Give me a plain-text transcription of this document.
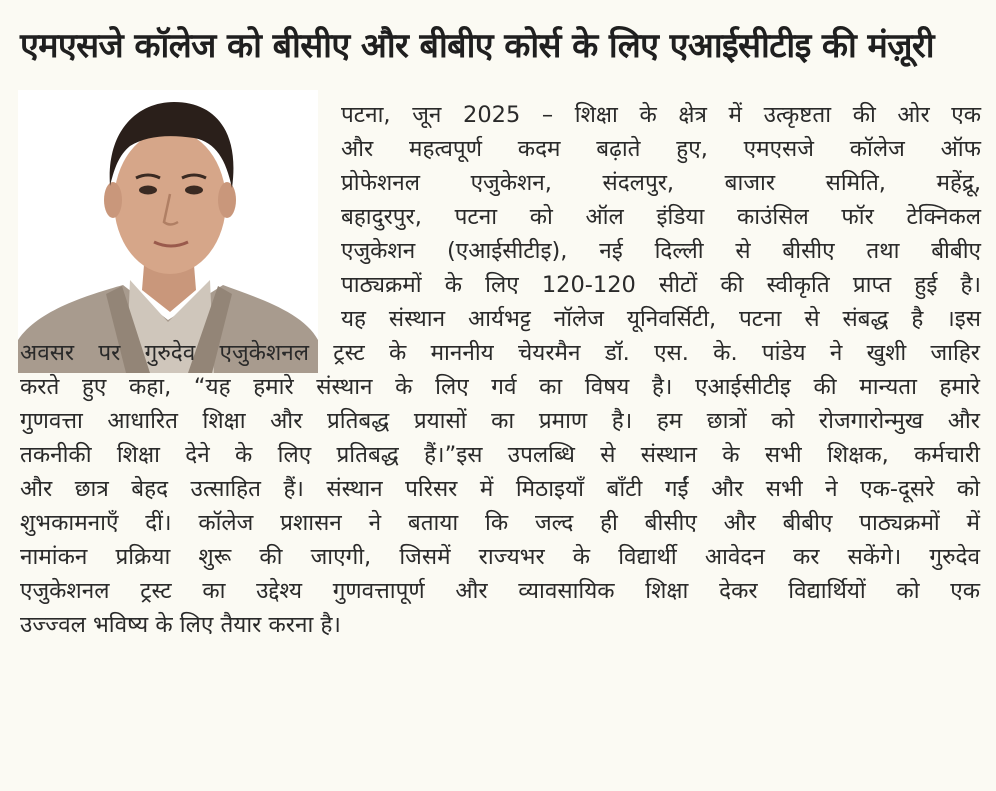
एमएसजे कॉलेज को बीसीए और बीबीए कोर्स के लिए एआईसीटीइ की मंज़ूरी

पटना, जून 2025 – शिक्षा के क्षेत्र में उत्कृष्टता की ओर एक

और महत्वपूर्ण कदम बढ़ाते हुए, एमएसजे कॉलेज ऑफ

प्रोफेशनल एजुकेशन, संदलपुर, बाजार समिति, महेंद्रू,

बहादुरपुर, पटना को ऑल इंडिया काउंसिल फॉर टेक्निकल

एजुकेशन (एआईसीटीइ), नई दिल्ली से बीसीए तथा बीबीए

पाठ्यक्रमों के लिए 120-120 सीटों की स्वीकृति प्राप्त हुई है।

यह संस्थान आर्यभट्ट नॉलेज यूनिवर्सिटी, पटना से संबद्ध है ।इस

अवसर पर गुरुदेव एजुकेशनल ट्रस्ट के माननीय चेयरमैन डॉ. एस. के. पांडेय ने खुशी जाहिर

करते हुए कहा, “यह हमारे संस्थान के लिए गर्व का विषय है। एआईसीटीइ की मान्यता हमारे

गुणवत्ता आधारित शिक्षा और प्रतिबद्ध प्रयासों का प्रमाण है। हम छात्रों को रोजगारोन्मुख और

तकनीकी शिक्षा देने के लिए प्रतिबद्ध हैं।”इस उपलब्धि से संस्थान के सभी शिक्षक, कर्मचारी

और छात्र बेहद उत्साहित हैं। संस्थान परिसर में मिठाइयाँ बाँटी गईं और सभी ने एक-दूसरे को

शुभकामनाएँ दीं। कॉलेज प्रशासन ने बताया कि जल्द ही बीसीए और बीबीए पाठ्यक्रमों में

नामांकन प्रक्रिया शुरू की जाएगी, जिसमें राज्यभर के विद्यार्थी आवेदन कर सकेंगे। गुरुदेव

एजुकेशनल ट्रस्ट का उद्देश्य गुणवत्तापूर्ण और व्यावसायिक शिक्षा देकर विद्यार्थियों को एक

उज्ज्वल भविष्य के लिए तैयार करना है।
